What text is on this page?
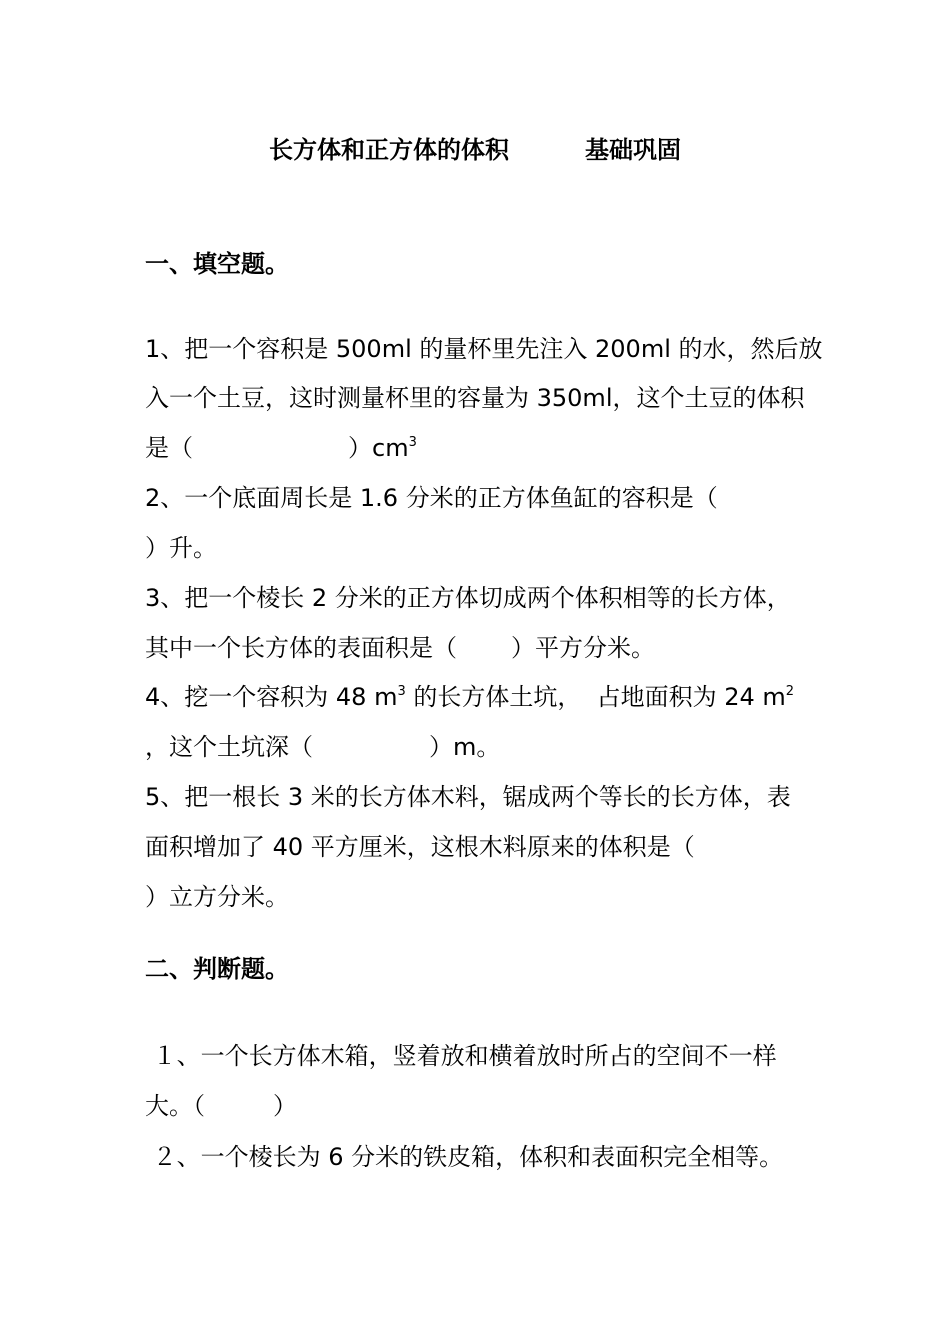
长方体和正方体的体积	基础巩固
一、填空题。
1、把一个容积是 500ml 的量杯里先注入 200ml 的水，然后放
入一个土豆，这时测量杯里的容量为 350ml，这个土豆的体积
是（	）$cm^3$
2、一个底面周长是 1.6 分米的正方体鱼缸的容积是（
）升。
3、把一个棱长 2 分米的正方体切成两个体积相等的长方体，
其中一个长方体的表面积是（ ）平方分米。
4、挖一个容积为 48 $m^3$ 的长方体土坑，  占地面积为 24 $m^2$
，这个土坑深（	）m。
5、把一根长 3 米的长方体木料，锯成两个等长的长方体，表
面积增加了 40 平方厘米，这根木料原来的体积是（
）立方分米。
二、判断题。
１、一个长方体木箱，竖着放和横着放时所占的空间不一样
大。（	）
２、一个棱长为 6 分米的铁皮箱，体积和表面积完全相等。
